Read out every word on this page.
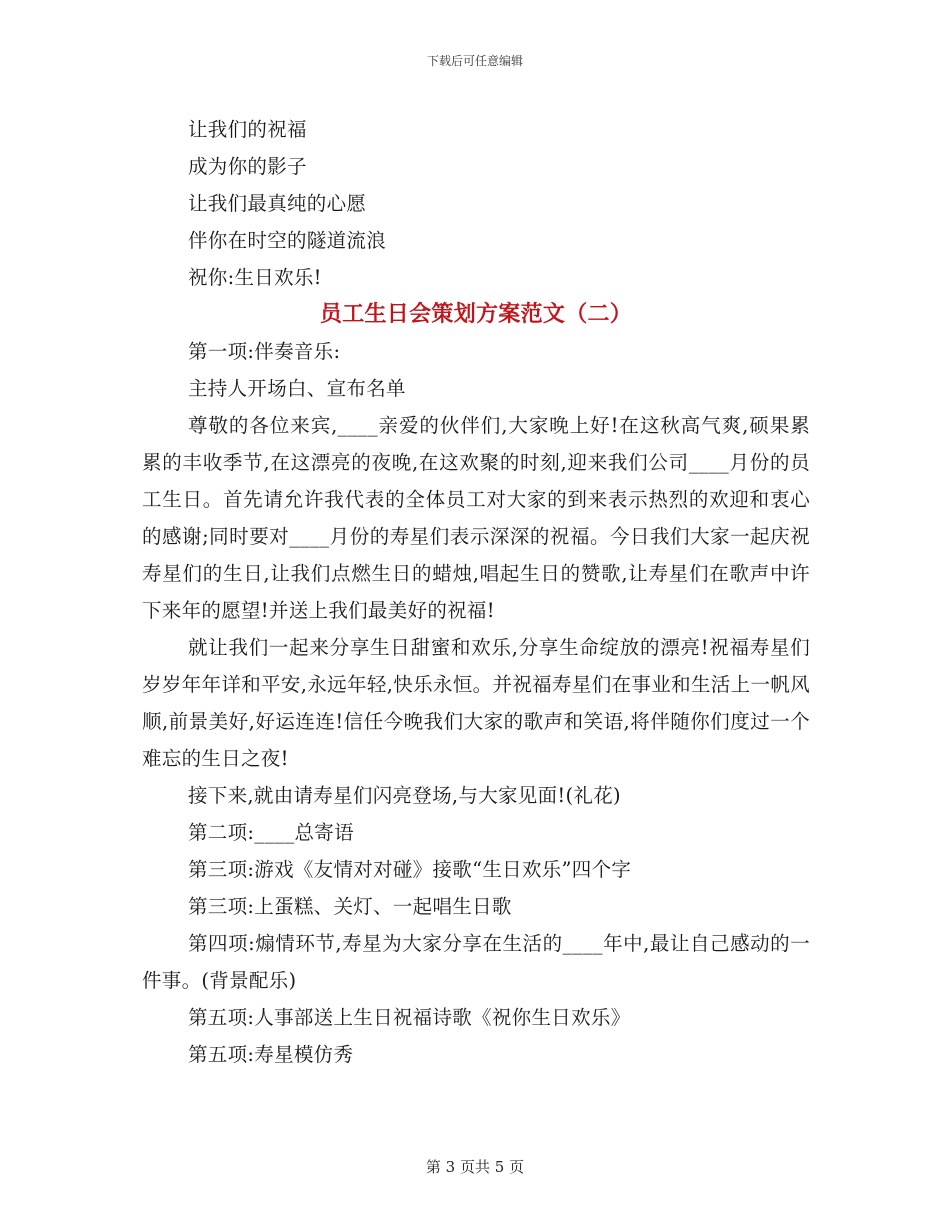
下载后可任意编辑

让我们的祝福

成为你的影子

让我们最真纯的心愿

伴你在时空的隧道流浪

祝你:生日欢乐!

员工生日会策划方案范文（二）

第一项:伴奏音乐:

主持人开场白、宣布名单

尊敬的各位来宾,____亲爱的伙伴们,大家晚上好!在这秋高气爽,硕果累累的丰收季节,在这漂亮的夜晚,在这欢聚的时刻,迎来我们公司____月份的员工生日。首先请允许我代表的全体员工对大家的到来表示热烈的欢迎和衷心的感谢;同时要对____月份的寿星们表示深深的祝福。今日我们大家一起庆祝寿星们的生日,让我们点燃生日的蜡烛,唱起生日的赞歌,让寿星们在歌声中许下来年的愿望!并送上我们最美好的祝福!

就让我们一起来分享生日甜蜜和欢乐,分享生命绽放的漂亮!祝福寿星们岁岁年年详和平安,永远年轻,快乐永恒。并祝福寿星们在事业和生活上一帆风顺,前景美好,好运连连!信任今晚我们大家的歌声和笑语,将伴随你们度过一个难忘的生日之夜!

接下来,就由请寿星们闪亮登场,与大家见面!(礼花)

第二项:____总寄语

第三项:游戏《友情对对碰》接歌“生日欢乐”四个字

第三项:上蛋糕、关灯、一起唱生日歌

第四项:煽情环节,寿星为大家分享在生活的____年中,最让自己感动的一件事。(背景配乐)

第五项:人事部送上生日祝福诗歌《祝你生日欢乐》

第五项:寿星模仿秀

第 3 页共 5 页
